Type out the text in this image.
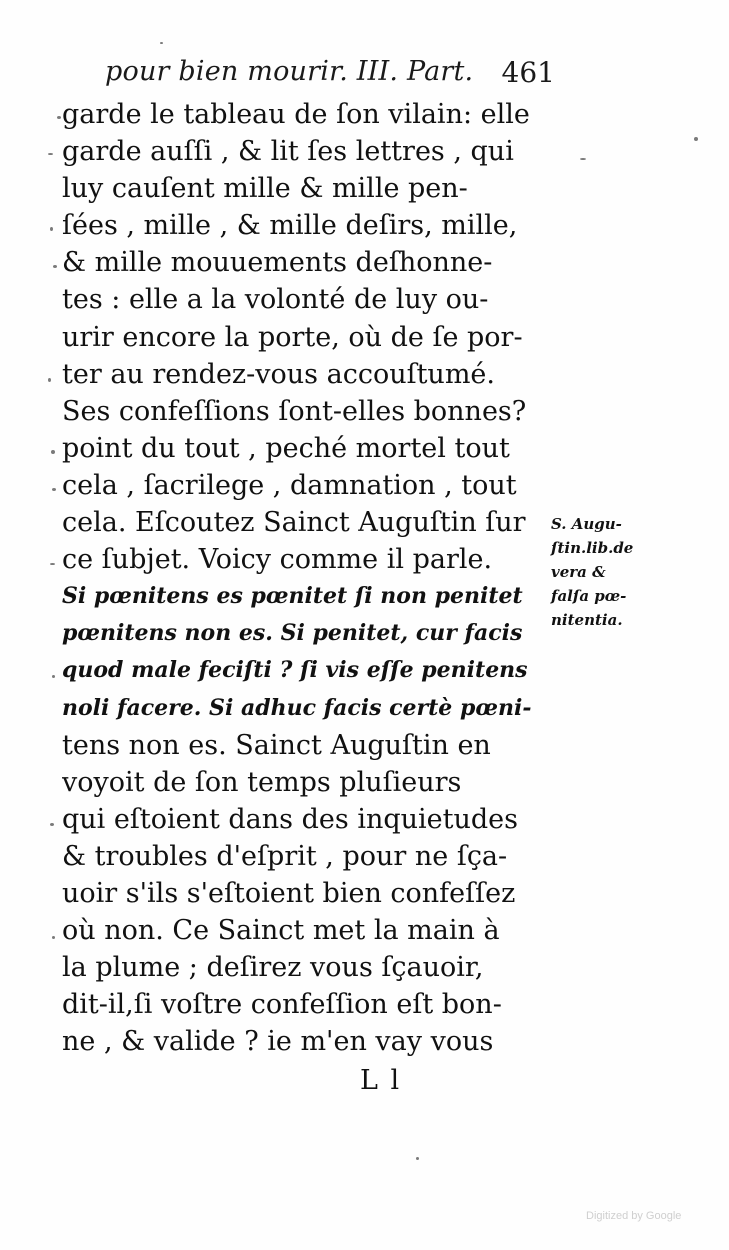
pour bien mourir. III. Part. 461
garde le tableau de ſon vilain: elle
garde auſſi , & lit ſes lettres , qui
luy cauſent mille & mille pen-
ſées , mille , & mille deſirs, mille,
& mille mouuements deſhonne-
tes : elle a la volonté de luy ou-
urir encore la porte, où de ſe por-
ter au rendez-vous accouſtumé.
Ses confeſſions ſont-elles bonnes?
point du tout , peché mortel tout
cela , ſacrilege , damnation , tout
cela. Eſcoutez Sainct Auguſtin ſur
ce ſubjet. Voicy comme il parle.
Si pœnitens es pœnitet ſi non penitet
pœnitens non es. Si penitet, cur facis
quod male feciſti ? ſi vis eſſe penitens
noli facere. Si adhuc facis certè pœni-
tens non es. Sainct Auguſtin en
voyoit de ſon temps pluſieurs
qui eſtoient dans des inquietudes
& troubles d'eſprit , pour ne ſça-
uoir s'ils s'eſtoient bien confeſſez
où non. Ce Sainct met la main à
la plume ; deſirez vous ſçauoir,
dit-il,ſi voſtre confeſſion eſt bon-
ne , & valide ? ie m'en vay vous
S. Augu-
ſtin.lib.de
vera &
falſa pœ-
nitentia.
L l
Digitized by Google
